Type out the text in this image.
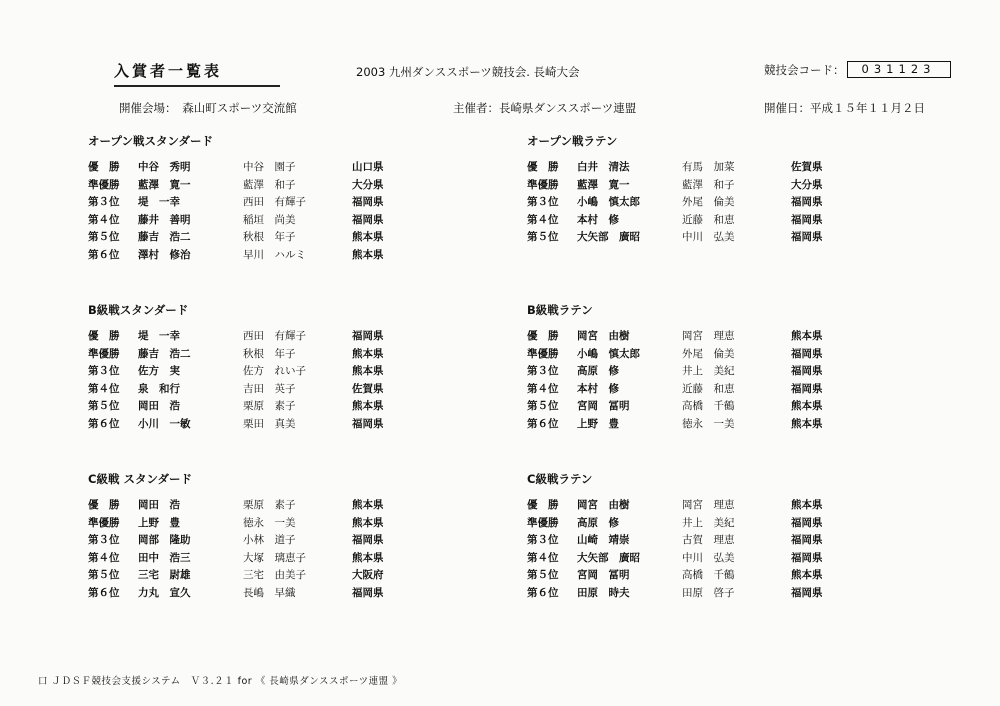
入賞者一覧表	2003 九州ダンススポーツ競技会. 長崎大会	競技会コード：	031123
開催会場：　森山町スポーツ交流館	主催者：長崎県ダンススポーツ連盟	開催日：平成１５年１１月２日
オープン戦スタンダード
優　勝 中谷　秀明	中谷　園子	山口県
準優勝 藍澤　寛一	藍澤　和子	大分県
第３位 堤　一幸	西田　有輝子	福岡県
第４位 藤井　善明	稲垣　尚美	福岡県
第５位 藤吉　浩二	秋根　年子	熊本県
第６位 澤村　修治	早川　ハルミ	熊本県
オープン戦ラテン
優　勝 白井　清法	有馬　加菜	佐賀県
準優勝 藍澤　寛一	藍澤　和子	大分県
第３位 小嶋　慎太郎	外尾　倫美	福岡県
第４位 本村　修	近藤　和恵	福岡県
第５位 大矢部　廣昭	中川　弘美	福岡県
B級戦スタンダード
優　勝 堤　一幸	西田　有輝子	福岡県
準優勝 藤吉　浩二	秋根　年子	熊本県
第３位 佐方　実	佐方　れい子	熊本県
第４位 泉　和行	吉田　英子	佐賀県
第５位 岡田　浩	栗原　素子	熊本県
第６位 小川　一敏	栗田　真美	福岡県
B級戦ラテン
優　勝 岡宮　由樹	岡宮　理恵	熊本県
準優勝 小嶋　慎太郎	外尾　倫美	福岡県
第３位 高原　修	井上　美紀	福岡県
第４位 本村　修	近藤　和恵	福岡県
第５位 宮岡　冨明	高橋　千鶴	熊本県
第６位 上野　豊	徳永　一美	熊本県
C級戦 スタンダード
優　勝 岡田　浩	栗原　素子	熊本県
準優勝 上野　豊	徳永　一美	熊本県
第３位 岡部　隆助	小林　道子	福岡県
第４位 田中　浩三	大塚　璃恵子	熊本県
第５位 三宅　尉雄	三宅　由美子	大阪府
第６位 力丸　宣久	長嶋　早織	福岡県
C級戦ラテン
優　勝 岡宮　由樹	岡宮　理恵	熊本県
準優勝 高原　修	井上　美紀	福岡県
第３位 山崎　靖崇	古賀　理恵	福岡県
第４位 大矢部　廣昭	中川　弘美	福岡県
第５位 宮岡　冨明	高橋　千鶴	熊本県
第６位 田原　時夫	田原　啓子	福岡県
口 ＪＤＳＦ競技会支援システム　Ｖ３.２１ for 《 長崎県ダンススポーツ連盟 》
